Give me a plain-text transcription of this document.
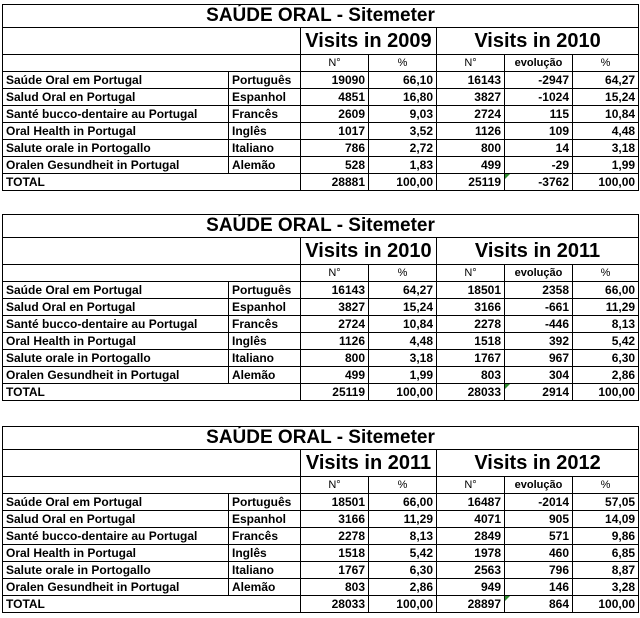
SAÚDE ORAL - Sitemeter						
		Visits in 2009		Visits in 2010		
		N°	%	N°	evolução	%
Saúde Oral em Portugal	Português	19090	66,10	16143	-2947	64,27
Salud Oral en Portugal	Espanhol	4851	16,80	3827	-1024	15,24
Santé bucco-dentaire au Portugal	Francês	2609	9,03	2724	115	10,84
Oral Health in Portugal	Inglês	1017	3,52	1126	109	4,48
Salute orale in Portogallo	Italiano	786	2,72	800	14	3,18
Oralen Gesundheit in Portugal	Alemão	528	1,83	499	-29	1,99
TOTAL		28881	100,00	25119	-3762	100,00
SAÚDE ORAL - Sitemeter						
		Visits in 2010		Visits in 2011		
		N°	%	N°	evolução	%
Saúde Oral em Portugal	Português	16143	64,27	18501	2358	66,00
Salud Oral en Portugal	Espanhol	3827	15,24	3166	-661	11,29
Santé bucco-dentaire au Portugal	Francês	2724	10,84	2278	-446	8,13
Oral Health in Portugal	Inglês	1126	4,48	1518	392	5,42
Salute orale in Portogallo	Italiano	800	3,18	1767	967	6,30
Oralen Gesundheit in Portugal	Alemão	499	1,99	803	304	2,86
TOTAL		25119	100,00	28033	2914	100,00
SAÚDE ORAL - Sitemeter						
		Visits in 2011		Visits in 2012		
		N°	%	N°	evolução	%
Saúde Oral em Portugal	Português	18501	66,00	16487	-2014	57,05
Salud Oral en Portugal	Espanhol	3166	11,29	4071	905	14,09
Santé bucco-dentaire au Portugal	Francês	2278	8,13	2849	571	9,86
Oral Health in Portugal	Inglês	1518	5,42	1978	460	6,85
Salute orale in Portogallo	Italiano	1767	6,30	2563	796	8,87
Oralen Gesundheit in Portugal	Alemão	803	2,86	949	146	3,28
TOTAL		28033	100,00	28897	864	100,00
